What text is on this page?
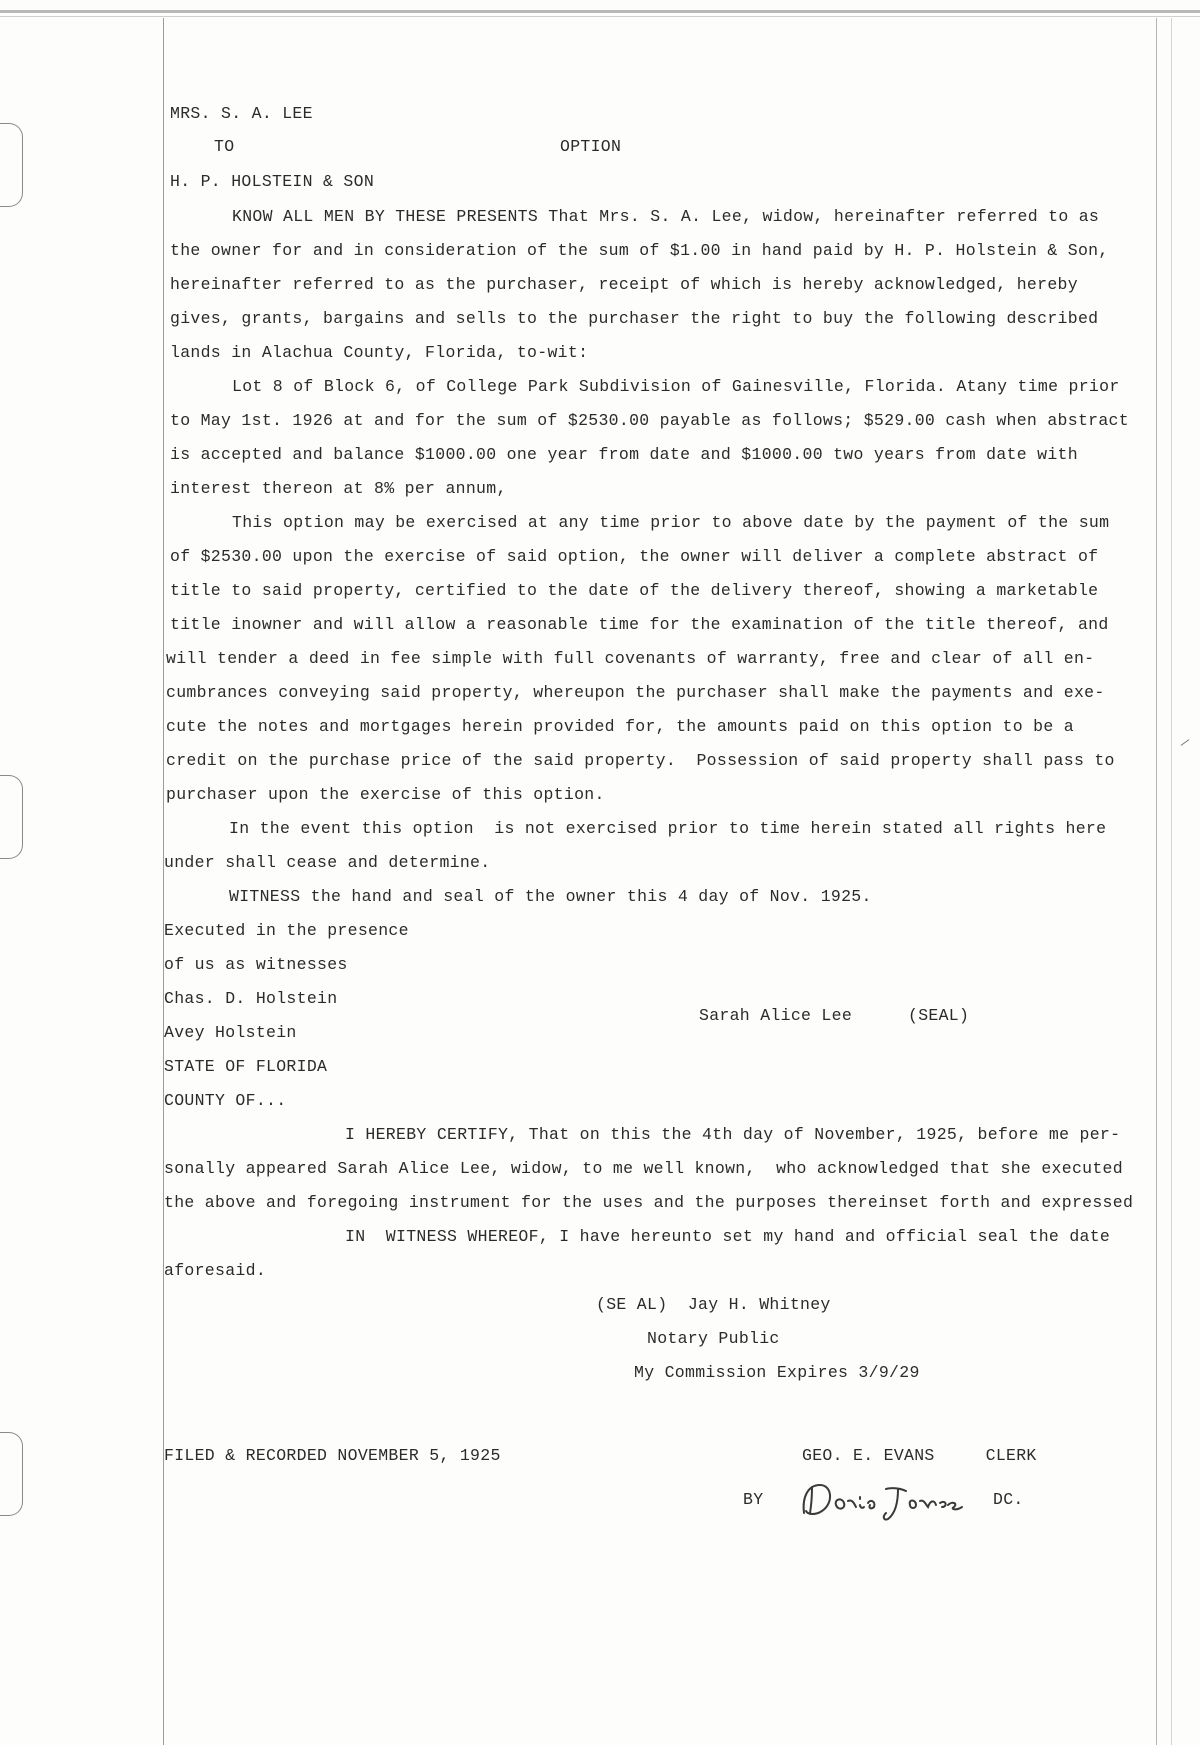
MRS. S. A. LEE
TO	OPTION
H. P. HOLSTEIN & SON
KNOW ALL MEN BY THESE PRESENTS That Mrs. S. A. Lee, widow, hereinafter referred to as
the owner for and in consideration of the sum of $1.00 in hand paid by H. P. Holstein & Son,
hereinafter referred to as the purchaser, receipt of which is hereby acknowledged, hereby
gives, grants, bargains and sells to the purchaser the right to buy the following described
lands in Alachua County, Florida, to-wit:
Lot 8 of Block 6, of College Park Subdivision of Gainesville, Florida. Atany time prior
to May 1st. 1926 at and for the sum of $2530.00 payable as follows; $529.00 cash when abstract
is accepted and balance $1000.00 one year from date and $1000.00 two years from date with
interest thereon at 8% per annum,
This option may be exercised at any time prior to above date by the payment of the sum
of $2530.00 upon the exercise of said option, the owner will deliver a complete abstract of
title to said property, certified to the date of the delivery thereof, showing a marketable
title inowner and will allow a reasonable time for the examination of the title thereof, and
will tender a deed in fee simple with full covenants of warranty, free and clear of all en-
cumbrances conveying said property, whereupon the purchaser shall make the payments and exe-
cute the notes and mortgages herein provided for, the amounts paid on this option to be a
credit on the purchase price of the said property.  Possession of said property shall pass to
purchaser upon the exercise of this option.
In the event this option  is not exercised prior to time herein stated all rights here
under shall cease and determine.
WITNESS the hand and seal of the owner this 4 day of Nov. 1925.
Executed in the presence
of us as witnesses
Chas. D. Holstein
Sarah Alice Lee	(SEAL)
Avey Holstein
STATE OF FLORIDA
COUNTY OF...
I HEREBY CERTIFY, That on this the 4th day of November, 1925, before me per-
sonally appeared Sarah Alice Lee, widow, to me well known,  who acknowledged that she executed
the above and foregoing instrument for the uses and the purposes thereinset forth and expressed
IN  WITNESS WHEREOF, I have hereunto set my hand and official seal the date
aforesaid.
(SE AL)  Jay H. Whitney
Notary Public
My Commission Expires 3/9/29
FILED & RECORDED NOVEMBER 5, 1925	GEO. E. EVANS     CLERK
BY	DC.
